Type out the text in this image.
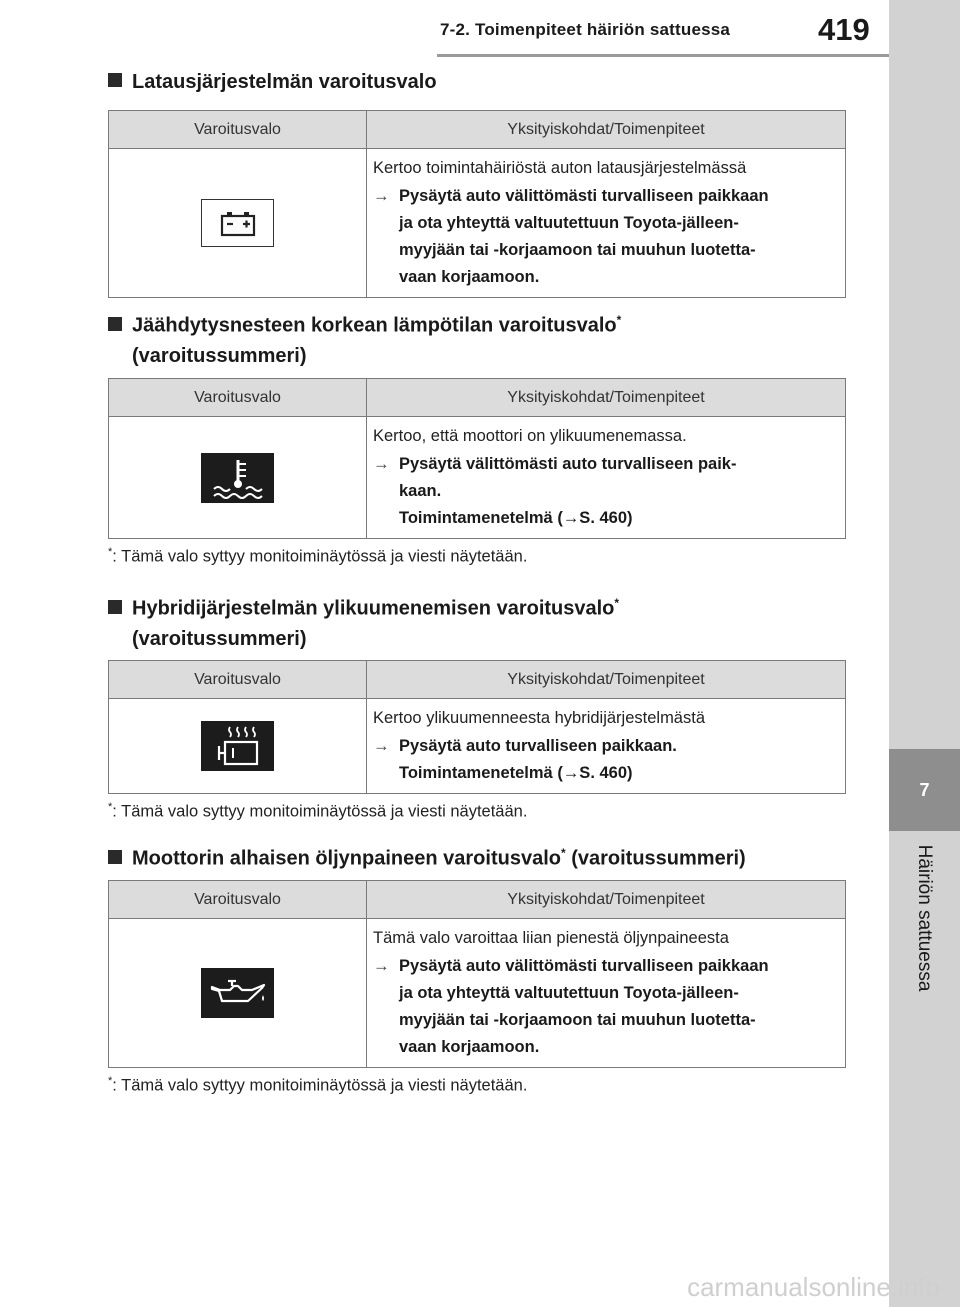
7-2. Toimenpiteet häiriön sattuessa	419
7
Häiriön sattuessa
Latausjärjestelmän varoitusvalo
Varoitusvalo	Yksityiskohdat/Toimenpiteet
Kertoo toimintahäiriöstä auton latausjärjestelmässä
→ Pysäytä auto välittömästi turvalliseen paikkaan
ja ota yhteyttä valtuutettuun Toyota-jälleen-
myyjään tai -korjaamoon tai muuhun luotetta-
vaan korjaamoon.
Jäähdytysnesteen korkean lämpötilan varoitusvalo*
(varoitussummeri)
Varoitusvalo	Yksityiskohdat/Toimenpiteet
Kertoo, että moottori on ylikuumenemassa.
→ Pysäytä välittömästi auto turvalliseen paik-
kaan.
Toimintamenetelmä (→S. 460)
*: Tämä valo syttyy monitoiminäytössä ja viesti näytetään.
Hybridijärjestelmän ylikuumenemisen varoitusvalo*
(varoitussummeri)
Varoitusvalo	Yksityiskohdat/Toimenpiteet
Kertoo ylikuumenneesta hybridijärjestelmästä
→ Pysäytä auto turvalliseen paikkaan.
Toimintamenetelmä (→S. 460)
*: Tämä valo syttyy monitoiminäytössä ja viesti näytetään.
Moottorin alhaisen öljynpaineen varoitusvalo* (varoitussummeri)
Varoitusvalo	Yksityiskohdat/Toimenpiteet
Tämä valo varoittaa liian pienestä öljynpaineesta
→ Pysäytä auto välittömästi turvalliseen paikkaan
ja ota yhteyttä valtuutettuun Toyota-jälleen-
myyjään tai -korjaamoon tai muuhun luotetta-
vaan korjaamoon.
*: Tämä valo syttyy monitoiminäytössä ja viesti näytetään.
carmanualsonline.info
